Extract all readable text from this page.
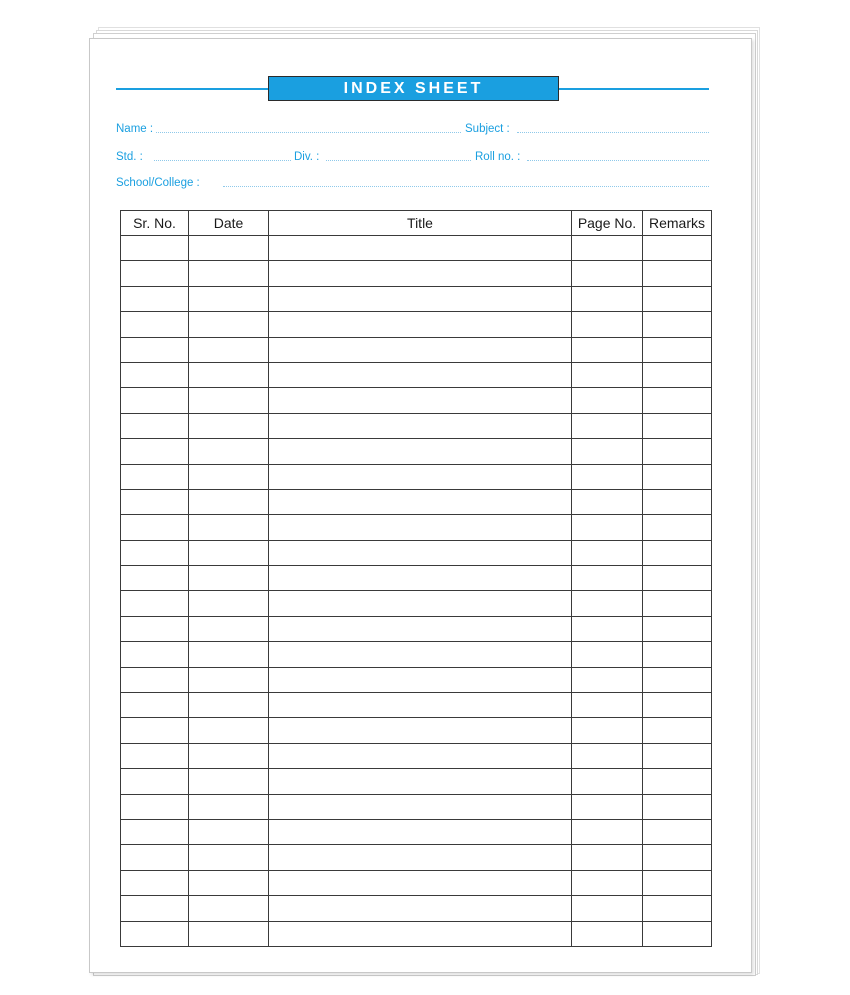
INDEX SHEET
Name :	Subject :
Std. :	Div. :	Roll no. :
School/College :
Sr. No.	Date	Title	Page No.	Remarks
